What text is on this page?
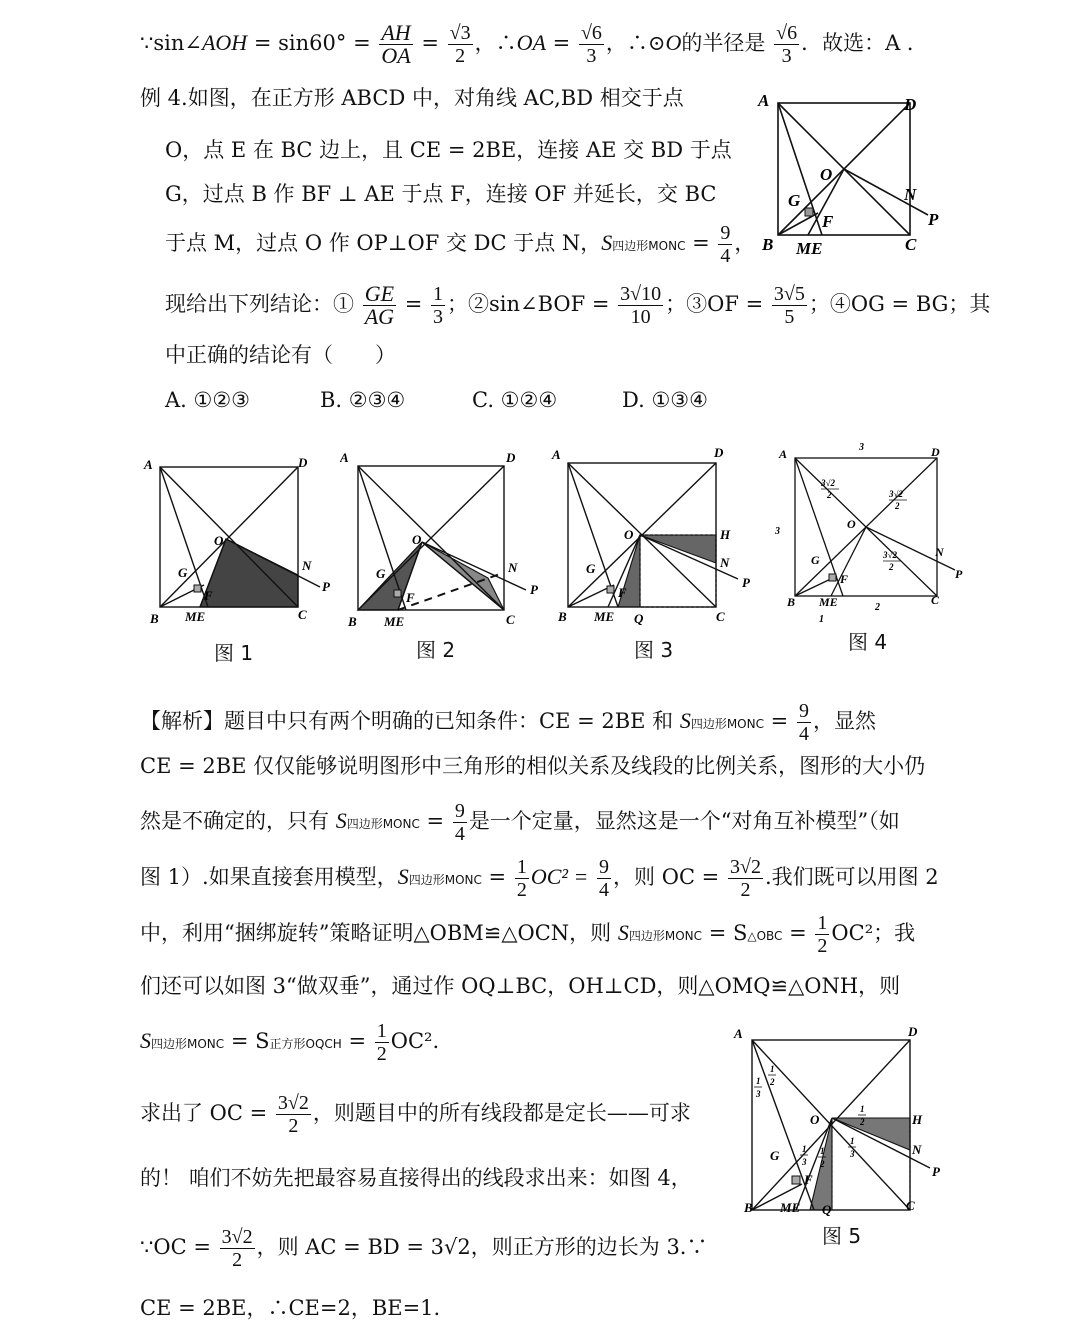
∵sin∠AOH = $\sin 60^\circ = \frac{AH}{OA} = \frac{√3}{2}$ ，∴OA = $\frac{√6}{3}$ ，∴⊙O的半径是 $\frac{√6}{3}$ ．故选：A ．
例 4.如图，在正方形 ABCD 中，对角线 AC,BD 相交于点
O，点 E 在 BC 边上，且 CE = 2BE，连接 AE 交 BD 于点
G，过点 B 作 BF ⊥ AE 于点 F，连接 OF 并延长，交 BC
于点 M，过点 O 作 OP⊥OF 交 DC 于点 N，S四边形MONC = $\frac{9}{4}$ ，
现给出下列结论：① $\frac{GE}{AG} = \frac{1}{3}$ ；②sin∠BOF = $\frac{3√10}{10}$ ；③OF = $\frac{3√5}{5}$ ；④OG = BG；其
中正确的结论有（　　）
A. ①②③	B. ②③④	C. ①②④	D. ①③④
A	D
O
G
F
N
P
B ME	C
A	D
O
G
F
N
P
B ME	C
图 1
A	D
O
G
F
N
P
B ME	C
图 2
A	D
O	H
G
F
N
P
B ME Q	C
图 3
A	D
3
3
2
1
O
G
F
N
P
B ME	C
3√2
2	3√2
2
3√2
2
图 4
【解析】题目中只有两个明确的已知条件：CE = 2BE 和 S四边形MONC = $\frac{9}{4}$ ，显然
CE = 2BE 仅仅能够说明图形中三角形的相似关系及线段的比例关系，图形的大小仍
然是不确定的，只有 S四边形MONC = $\frac{9}{4}$ 是一个定量，显然这是一个“对角互补模型”（如
图 1）.如果直接套用模型，S四边形MONC = $\frac{1}{2} OC^2 = \frac{9}{4}$ ，则 OC = $\frac{3√2}{2}$ .我们既可以用图 2
中，利用“捆绑旋转”策略证明△OBM≌△OCN，则 S四边形MONC = S△OBC = $\frac{1}{2} OC^2$；我
们还可以如图 3“做双垂”，通过作 OQ⊥BC，OH⊥CD，则△OMQ≌△ONH，则
S四边形MONC = S正方形OQCH = $\frac{1}{2} OC^2$.
求出了 OC = $\frac{3√2}{2}$ ，则题目中的所有线段都是定长——可求
的！ 咱们不妨先把最容易直接得出的线段求出来：如图 4，
∵OC = $\frac{3√2}{2}$ ，则 AC = BD = 3√2，则正方形的边长为 3.∵
CE = 2BE，∴CE=2，BE=1.
A	D
O	H
G
F
N
P
B ME Q	C
1
3
1
2
1
2
1
3
1
2
1
3
图 5
